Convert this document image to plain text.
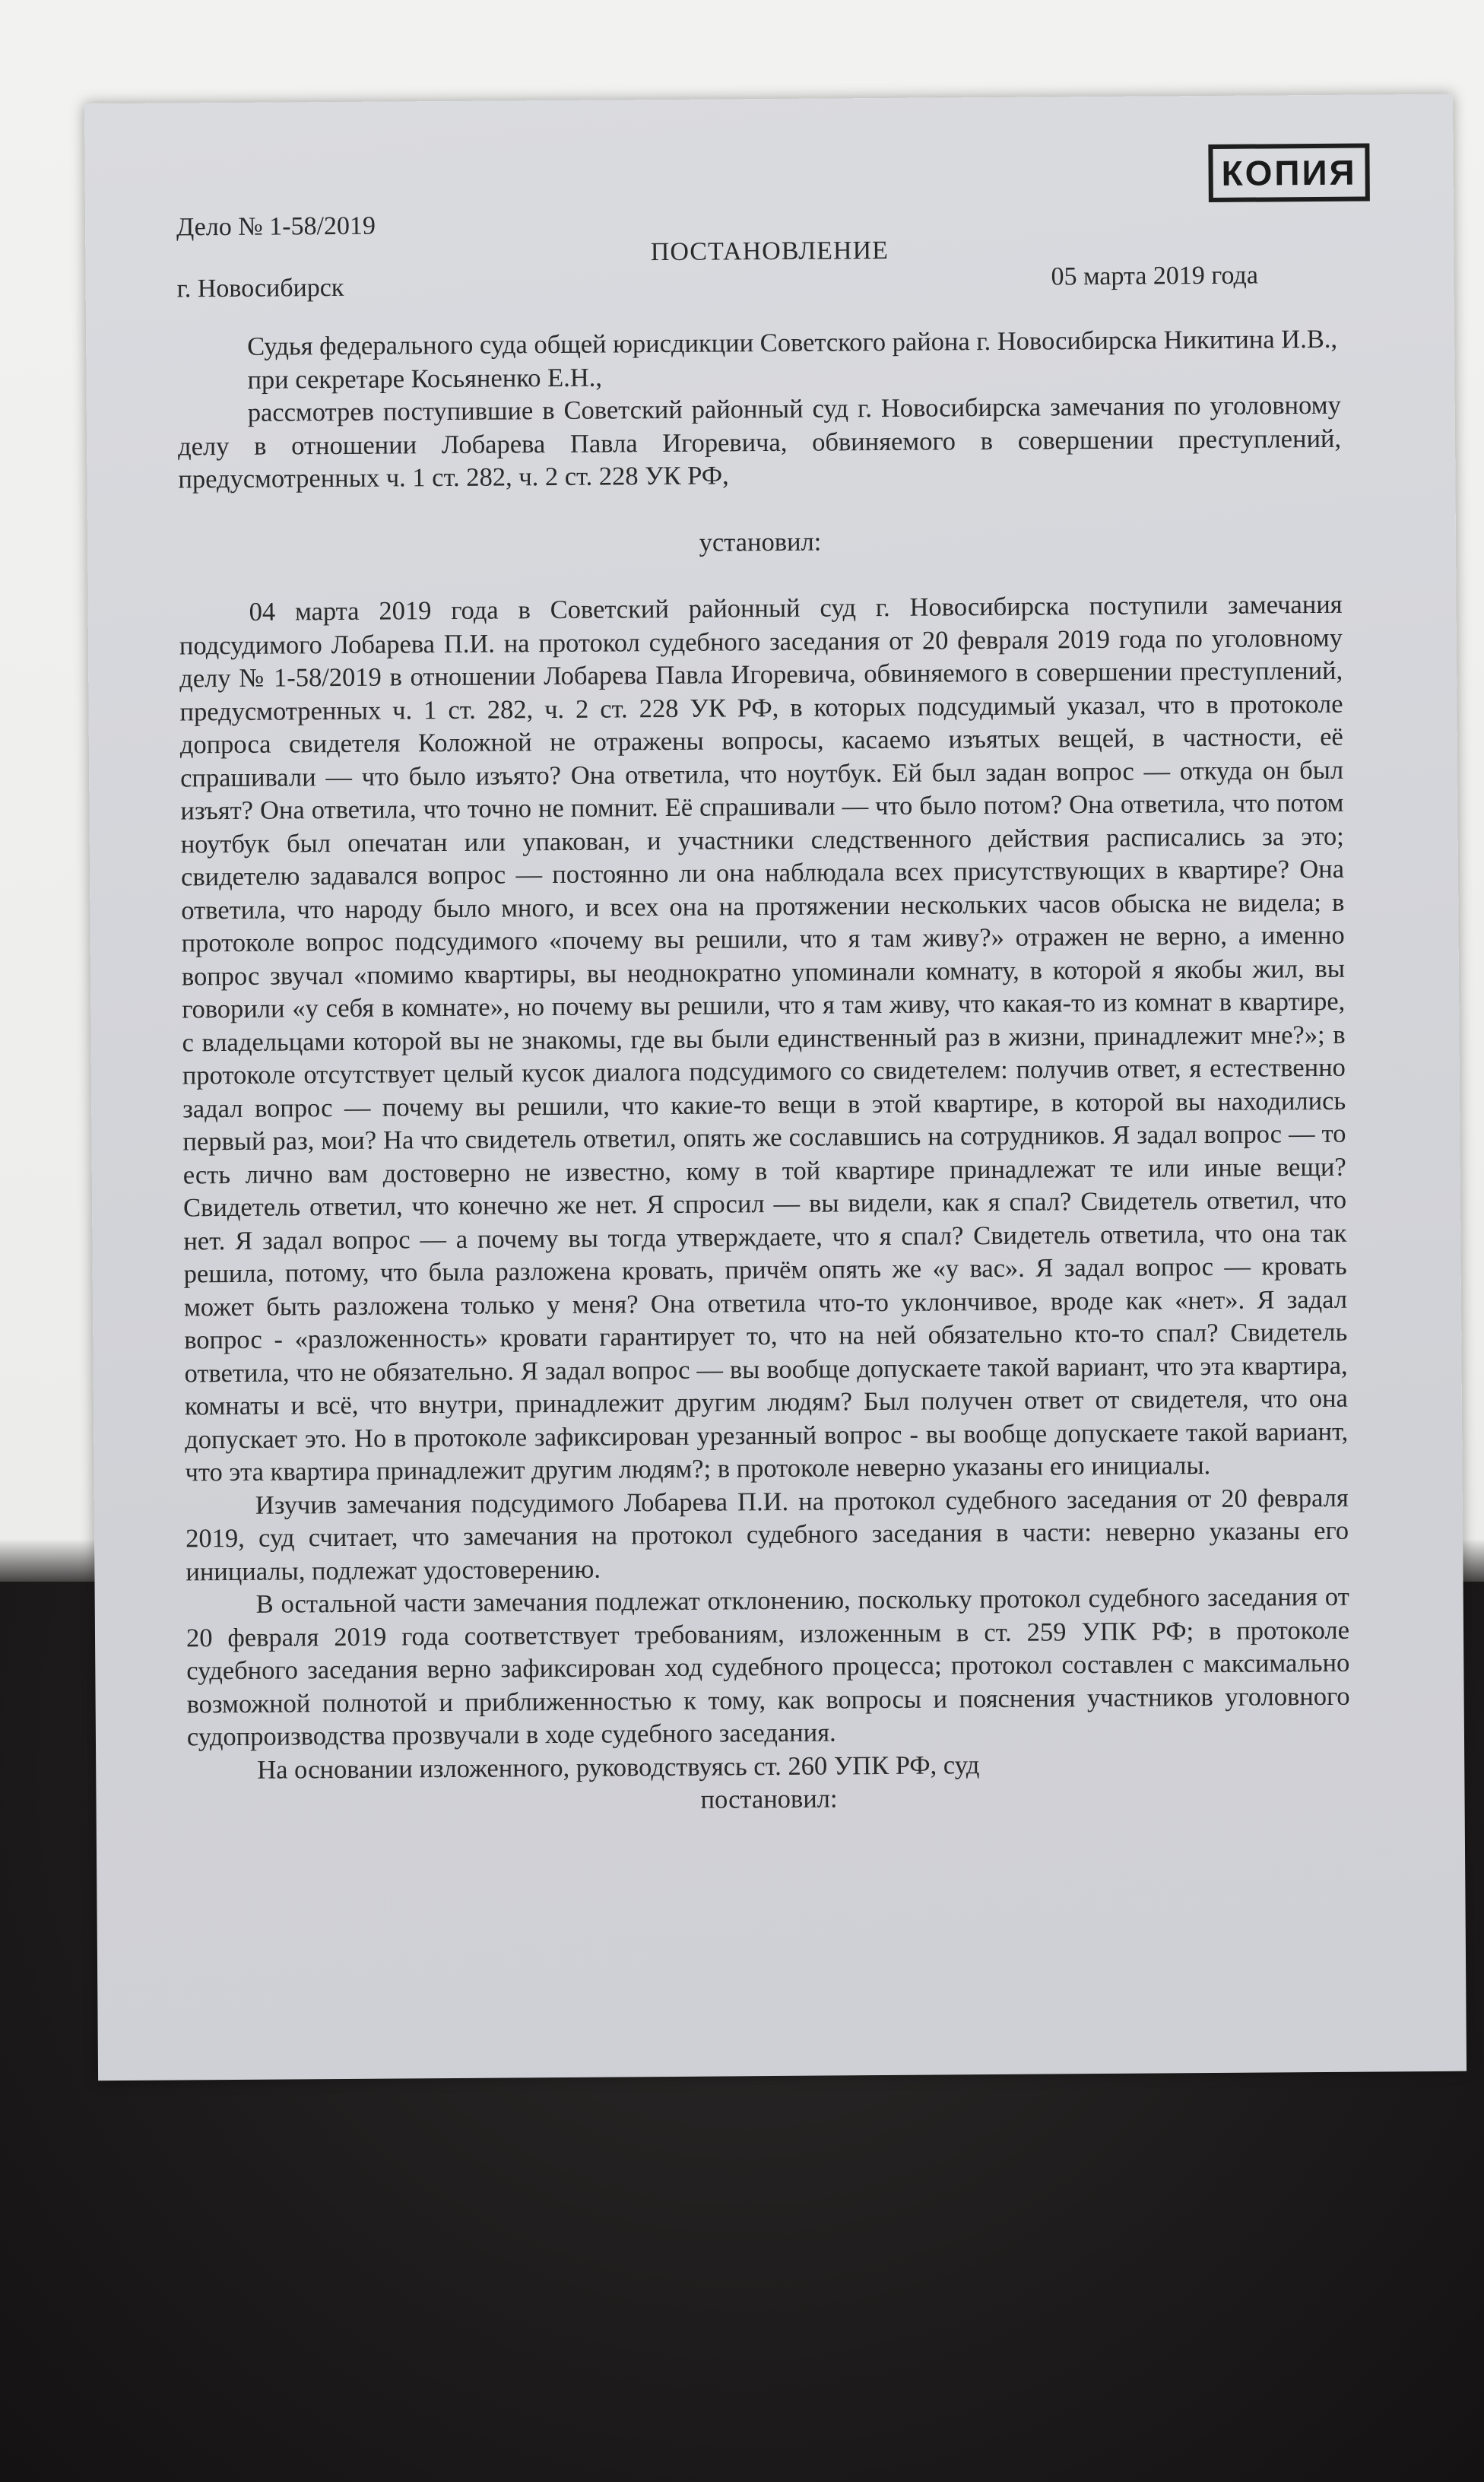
КОПИЯ
Дело № 1-58/2019
ПОСТАНОВЛЕНИЕ
г. Новосибирск	05 марта 2019 года

Судья федерального суда общей юрисдикции Советского района г. Новосибирска Никитина И.В.,

при секретаре Косьяненко Е.Н.,

рассмотрев поступившие в Советский районный суд г. Новосибирска замечания по уголовному делу в отношении Лобарева Павла Игоревича, обвиняемого в совершении преступлений, предусмотренных ч. 1 ст. 282, ч. 2 ст. 228 УК РФ,

установил:

04 марта 2019 года в Советский районный суд г. Новосибирска поступили замечания подсудимого Лобарева П.И. на протокол судебного заседания от 20 февраля 2019 года по уголовному делу № 1-58/2019 в отношении Лобарева Павла Игоревича, обвиняемого в совершении преступлений, предусмотренных ч. 1 ст. 282, ч. 2 ст. 228 УК РФ, в которых подсудимый указал, что в протоколе допроса свидетеля Коложной не отражены вопросы, касаемо изъятых вещей, в частности, её спрашивали — что было изъято? Она ответила, что ноутбук. Ей был задан вопрос — откуда он был изъят? Она ответила, что точно не помнит. Её спрашивали — что было потом? Она ответила, что потом ноутбук был опечатан или упакован, и участники следственного действия расписались за это; свидетелю задавался вопрос — постоянно ли она наблюдала всех присутствующих в квартире? Она ответила, что народу было много, и всех она на протяжении нескольких часов обыска не видела; в протоколе вопрос подсудимого «почему вы решили, что я там живу?» отражен не верно, а именно вопрос звучал «помимо квартиры, вы неоднократно упоминали комнату, в которой я якобы жил, вы говорили «у себя в комнате», но почему вы решили, что я там живу, что какая-то из комнат в квартире, с владельцами которой вы не знакомы, где вы были единственный раз в жизни, принадлежит мне?»; в протоколе отсутствует целый кусок диалога подсудимого со свидетелем: получив ответ, я естественно задал вопрос — почему вы решили, что какие-то вещи в этой квартире, в которой вы находились первый раз, мои? На что свидетель ответил, опять же сославшись на сотрудников. Я задал вопрос — то есть лично вам достоверно не известно, кому в той квартире принадлежат те или иные вещи? Свидетель ответил, что конечно же нет. Я спросил — вы видели, как я спал? Свидетель ответил, что нет. Я задал вопрос — а почему вы тогда утверждаете, что я спал? Свидетель ответила, что она так решила, потому, что была разложена кровать, причём опять же «у вас». Я задал вопрос — кровать может быть разложена только у меня? Она ответила что-то уклончивое, вроде как «нет». Я задал вопрос - «разложенность» кровати гарантирует то, что на ней обязательно кто-то спал? Свидетель ответила, что не обязательно. Я задал вопрос — вы вообще допускаете такой вариант, что эта квартира, комнаты и всё, что внутри, принадлежит другим людям? Был получен ответ от свидетеля, что она допускает это. Но в протоколе зафиксирован урезанный вопрос - вы вообще допускаете такой вариант, что эта квартира принадлежит другим людям?; в протоколе неверно указаны его инициалы.

Изучив замечания подсудимого Лобарева П.И. на протокол судебного заседания от 20 февраля 2019, суд считает, что замечания на протокол судебного заседания в части: неверно указаны его инициалы, подлежат удостоверению.

В остальной части замечания подлежат отклонению, поскольку протокол судебного заседания от 20 февраля 2019 года соответствует требованиям, изложенным в ст. 259 УПК РФ; в протоколе судебного заседания верно зафиксирован ход судебного процесса; протокол составлен с максимально возможной полнотой и приближенностью к тому, как вопросы и пояснения участников уголовного судопроизводства прозвучали в ходе судебного заседания.

На основании изложенного, руководствуясь ст. 260 УПК РФ, суд

постановил:
